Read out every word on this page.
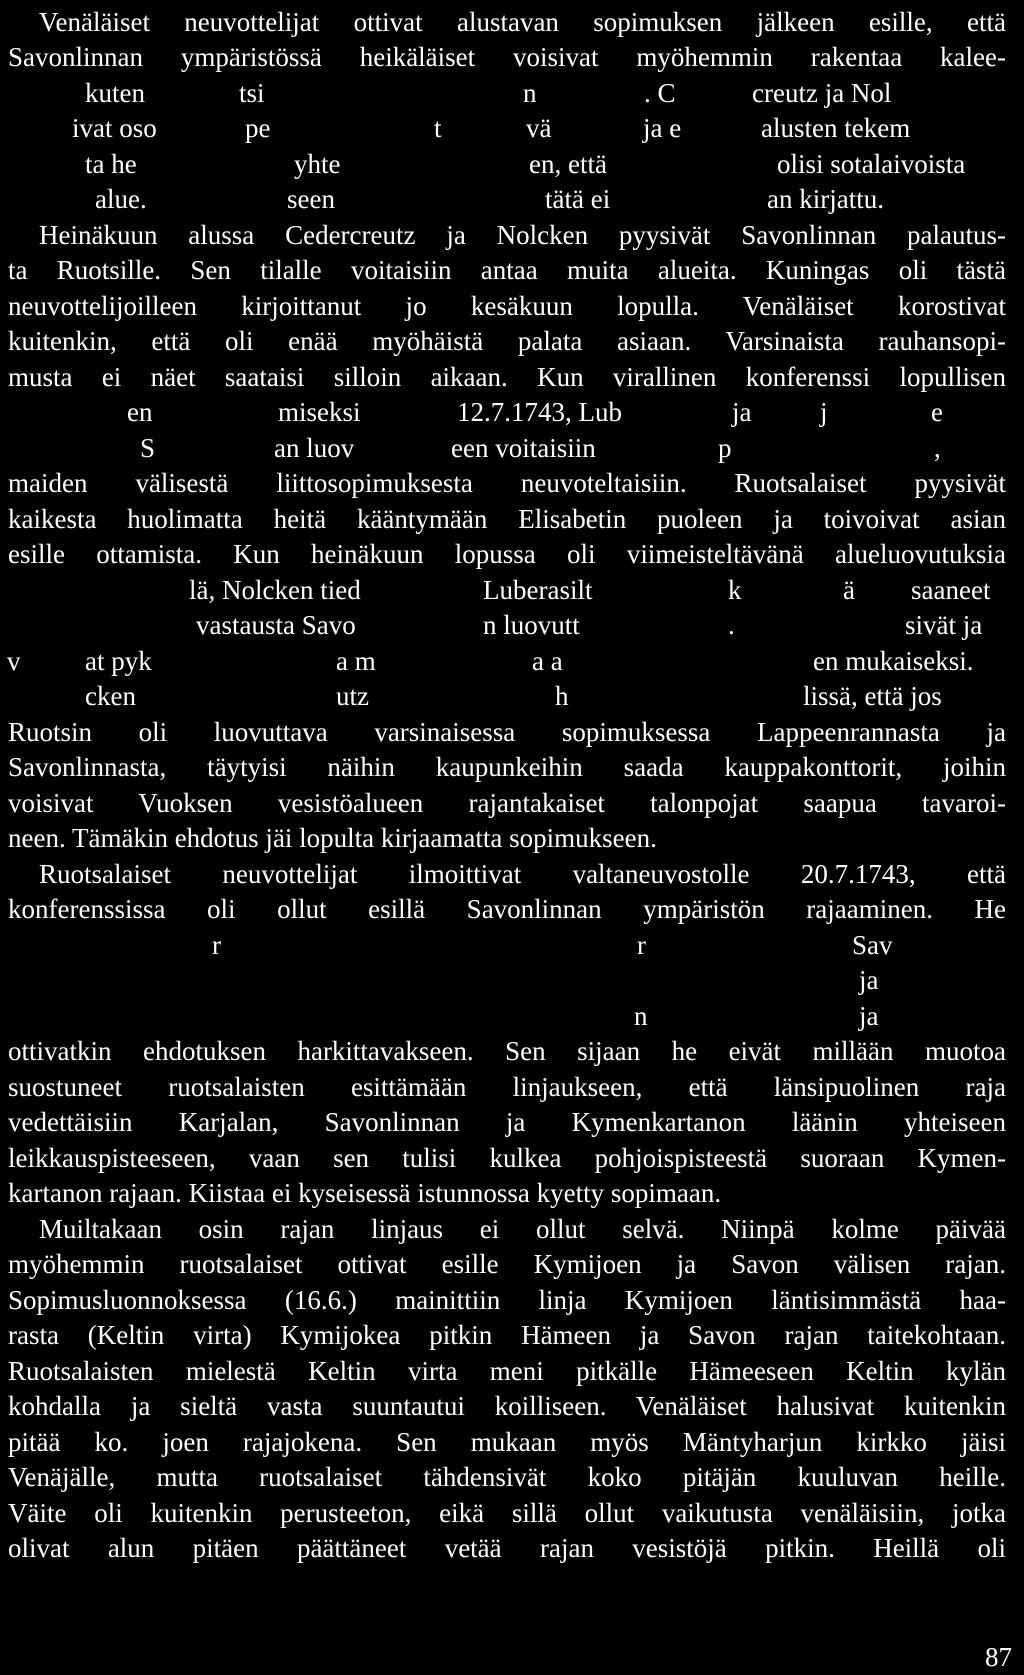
Venäläiset neuvottelijat ottivat alustavan sopimuksen jälkeen esille, että
Savonlinnan ympäristössä heikäläiset voisivat myöhemmin rakentaa kalee-
kuten	tsi	n	. C	creutz ja Nol
ivat oso	pe	t	vä	ja e	alusten tekem
ta he	yhte	en, että	olisi sotalaivoista
alue.	seen	tätä ei	an kirjattu.
Heinäkuun alussa Cedercreutz ja Nolcken pyysivät Savonlinnan palautus-
ta Ruotsille. Sen tilalle voitaisiin antaa muita alueita. Kuningas oli tästä
neuvottelijoilleen kirjoittanut jo kesäkuun lopulla. Venäläiset korostivat
kuitenkin, että oli enää myöhäistä palata asiaan. Varsinaista rauhansopi-
musta ei näet saataisi silloin aikaan. Kun virallinen konferenssi lopullisen
en	miseksi	12.7.1743, Lub	ja	j	e
S	an luov	een voitaisiin	p	,
maiden välisestä liittosopimuksesta neuvoteltaisiin. Ruotsalaiset pyysivät
kaikesta huolimatta heitä kääntymään Elisabetin puoleen ja toivoivat asian
esille ottamista. Kun heinäkuun lopussa oli viimeisteltävänä alueluovutuksia
lä, Nolcken tied	Luberasilt	k	ä saaneet
vastausta Savo	n luovutt	.	sivät ja
v at pyk	a m	a a	en mukaiseksi.
cken	utz	h	lissä, että jos
Ruotsin oli luovuttava varsinaisessa sopimuksessa Lappeenrannasta ja
Savonlinnasta, täytyisi näihin kaupunkeihin saada kauppakonttorit, joihin
voisivat Vuoksen vesistöalueen rajantakaiset talonpojat saapua tavaroi-
neen. Tämäkin ehdotus jäi lopulta kirjaamatta sopimukseen.
Ruotsalaiset neuvottelijat ilmoittivat valtaneuvostolle 20.7.1743, että
konferenssissa oli ollut esillä Savonlinnan ympäristön rajaaminen. He
r	r	Sav
ja
n	ja
ottivatkin ehdotuksen harkittavakseen. Sen sijaan he eivät millään muotoa
suostuneet ruotsalaisten esittämään linjaukseen, että länsipuolinen raja
vedettäisiin Karjalan, Savonlinnan ja Kymenkartanon läänin yhteiseen
leikkauspisteeseen, vaan sen tulisi kulkea pohjoispisteestä suoraan Kymen-
kartanon rajaan. Kiistaa ei kyseisessä istunnossa kyetty sopimaan.
Muiltakaan osin rajan linjaus ei ollut selvä. Niinpä kolme päivää
myöhemmin ruotsalaiset ottivat esille Kymijoen ja Savon välisen rajan.
Sopimusluonnoksessa (16.6.) mainittiin linja Kymijoen läntisimmästä haa-
rasta (Keltin virta) Kymijokea pitkin Hämeen ja Savon rajan taitekohtaan.
Ruotsalaisten mielestä Keltin virta meni pitkälle Hämeeseen Keltin kylän
kohdalla ja sieltä vasta suuntautui koilliseen. Venäläiset halusivat kuitenkin
pitää ko. joen rajajokena. Sen mukaan myös Mäntyharjun kirkko jäisi
Venäjälle, mutta ruotsalaiset tähdensivät koko pitäjän kuuluvan heille.
Väite oli kuitenkin perusteeton, eikä sillä ollut vaikutusta venäläisiin, jotka
olivat alun pitäen päättäneet vetää rajan vesistöjä pitkin. Heillä oli
87
